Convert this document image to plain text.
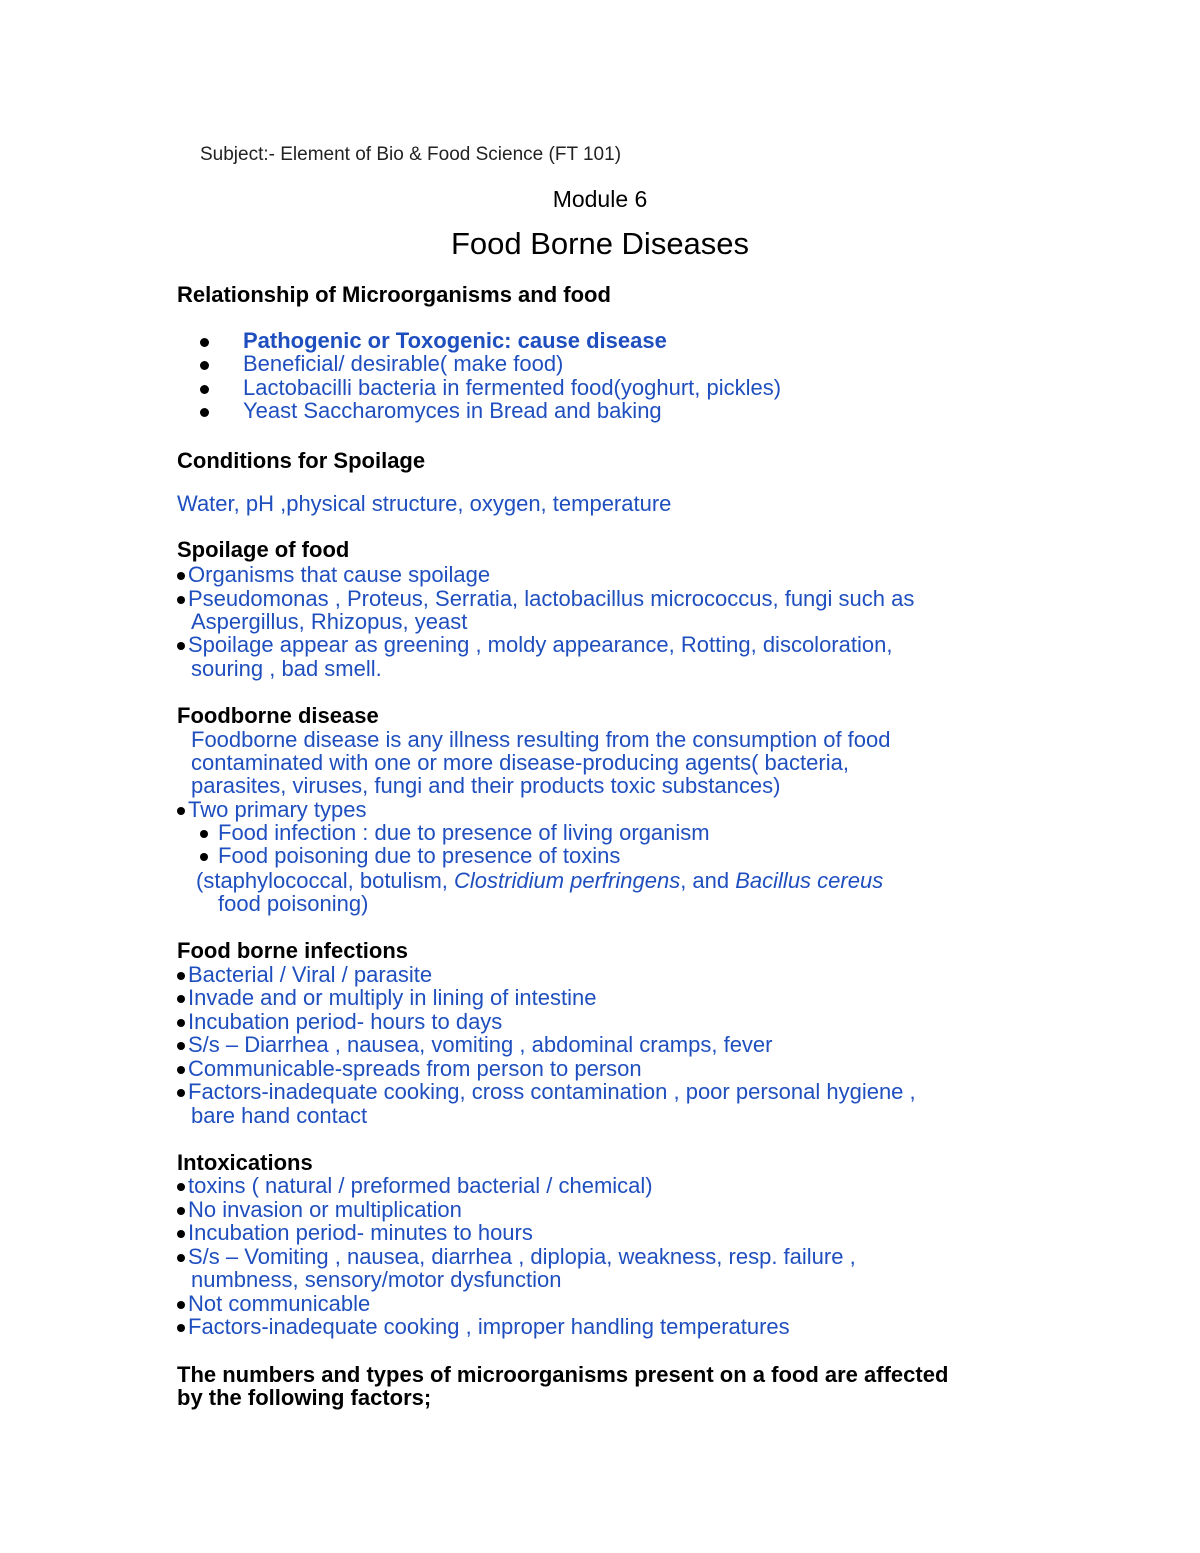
Subject:- Element of Bio & Food Science (FT 101)
Module 6
Food Borne Diseases
Relationship of Microorganisms and food
Pathogenic or Toxogenic: cause disease
Beneficial/ desirable( make food)
Lactobacilli bacteria in fermented food(yoghurt, pickles)
Yeast Saccharomyces in Bread and baking
Conditions for Spoilage
Water, pH ,physical structure, oxygen, temperature
Spoilage of food
Organisms that cause spoilage
Pseudomonas , Proteus, Serratia, lactobacillus micrococcus, fungi such as
Aspergillus, Rhizopus, yeast
Spoilage appear as greening , moldy appearance, Rotting, discoloration,
souring , bad smell.
Foodborne disease
Foodborne disease is any illness resulting from the consumption of food
contaminated with one or more disease-producing agents( bacteria,
parasites, viruses, fungi and their products toxic substances)
Two primary types
Food infection : due to presence of living organism
Food poisoning due to presence of toxins
(staphylococcal, botulism, Clostridium perfringens, and Bacillus cereus
food poisoning)
Food borne infections
Bacterial / Viral / parasite
Invade and or multiply in lining of intestine
Incubation period- hours to days
S/s – Diarrhea , nausea, vomiting , abdominal cramps, fever
Communicable-spreads from person to person
Factors-inadequate cooking, cross contamination , poor personal hygiene ,
bare hand contact
Intoxications
toxins ( natural / preformed bacterial / chemical)
No invasion or multiplication
Incubation period- minutes to hours
S/s – Vomiting , nausea, diarrhea , diplopia, weakness, resp. failure ,
numbness, sensory/motor dysfunction
Not communicable
Factors-inadequate cooking , improper handling temperatures
The numbers and types of microorganisms present on a food are affected
by the following factors;
